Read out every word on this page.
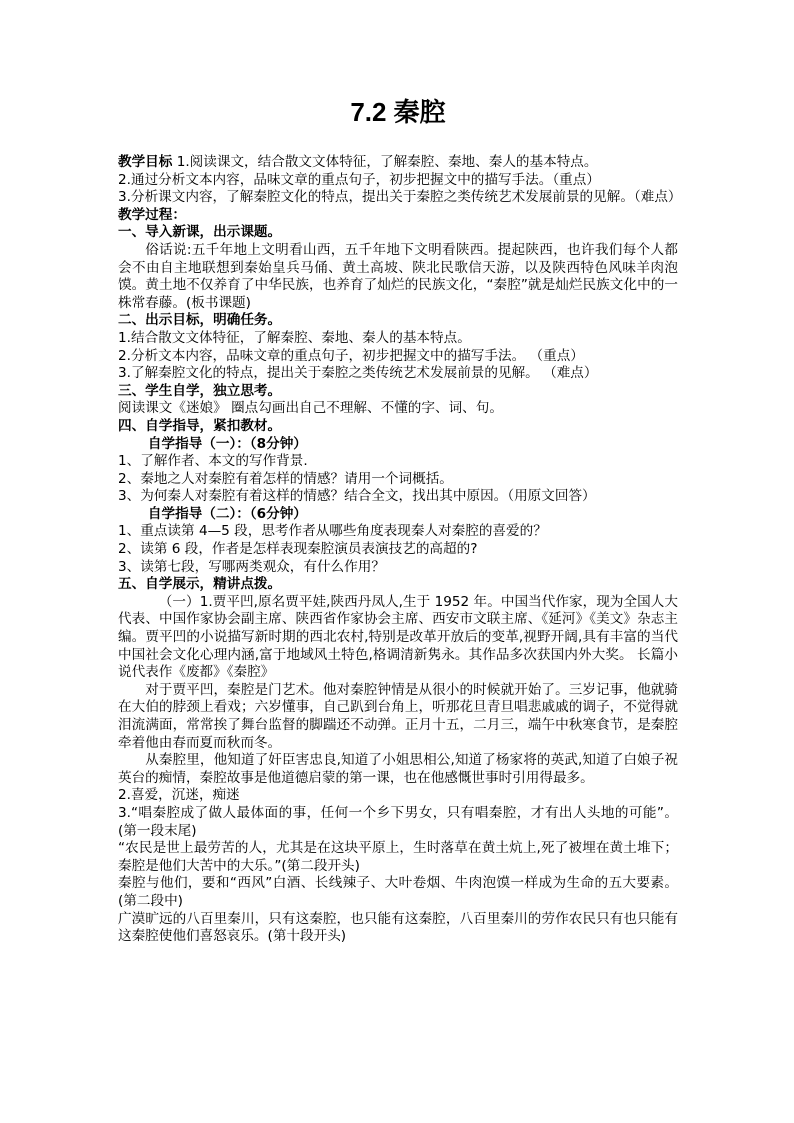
7.2 秦腔

教学目标 1.阅读课文，结合散文文体特征，了解秦腔、秦地、秦人的基本特点。

2.通过分析文本内容，品味文章的重点句子，初步把握文中的描写手法。（重点）

3.分析课文内容，了解秦腔文化的特点，提出关于秦腔之类传统艺术发展前景的见解。（难点）

教学过程：

一、导入新课，出示课题。

俗话说:五千年地上文明看山西，五千年地下文明看陕西。提起陕西，也许我们每个人都会不由自主地联想到秦始皇兵马俑、黄土高坡、陕北民歌信天游，以及陕西特色风味羊肉泡馍。黄土地不仅养育了中华民族，也养育了灿烂的民族文化，“秦腔”就是灿烂民族文化中的一株常春藤。(板书课题)

二、出示目标，明确任务。

1.结合散文文体特征，了解秦腔、秦地、秦人的基本特点。

2.分析文本内容，品味文章的重点句子，初步把握文中的描写手法。 （重点）

3.了解秦腔文化的特点，提出关于秦腔之类传统艺术发展前景的见解。 （难点）

三、学生自学，独立思考。

阅读课文《迷娘》 圈点勾画出自己不理解、不懂的字、词、句。

四、自学指导，紧扣教材。

自学指导（一）：（8分钟）

1、了解作者、本文的写作背景.

2、秦地之人对秦腔有着怎样的情感？请用一个词概括。

3、为何秦人对秦腔有着这样的情感？结合全文，找出其中原因。（用原文回答）

自学指导（二）：（6分钟）

1、重点读第 4—5 段，思考作者从哪些角度表现秦人对秦腔的喜爱的？

2、读第 6 段，作者是怎样表现秦腔演员表演技艺的高超的?

3、读第七段，写哪两类观众，有什么作用？

五、自学展示，精讲点拨。

（一）1.贾平凹,原名贾平娃,陕西丹凤人,生于 1952 年。中国当代作家，现为全国人大代表、中国作家协会副主席、陕西省作家协会主席、西安市文联主席、《延河》《美文》杂志主编。贾平凹的小说描写新时期的西北农村,特别是改革开放后的变革,视野开阔,具有丰富的当代中国社会文化心理内涵,富于地域风土特色,格调清新隽永。其作品多次获国内外大奖。 长篇小说代表作《废都》《秦腔》

对于贾平凹，秦腔是门艺术。他对秦腔钟情是从很小的时候就开始了。三岁记事，他就骑在大伯的脖颈上看戏；六岁懂事，自己趴到台角上，听那花旦青旦唱悲戚戚的调子，不觉得就泪流满面，常常挨了舞台监督的脚踹还不动弹。正月十五，二月三，端午中秋寒食节，是秦腔牵着他由春而夏而秋而冬。

从秦腔里，他知道了奸臣害忠良,知道了小姐思相公,知道了杨家将的英武,知道了白娘子祝英台的痴情，秦腔故事是他道德启蒙的第一课，也在他感慨世事时引用得最多。

2.喜爱，沉迷，痴迷

3.“唱秦腔成了做人最体面的事，任何一个乡下男女，只有唱秦腔，才有出人头地的可能”。(第一段末尾)

“农民是世上最劳苦的人，尤其是在这块平原上，生时落草在黄土炕上,死了被埋在黄土堆下；秦腔是他们大苦中的大乐。”(第二段开头)

秦腔与他们，要和“西风”白酒、长线辣子、大叶卷烟、牛肉泡馍一样成为生命的五大要素。(第二段中)

广漠旷远的八百里秦川，只有这秦腔，也只能有这秦腔，八百里秦川的劳作农民只有也只能有这秦腔使他们喜怒哀乐。(第十段开头)
